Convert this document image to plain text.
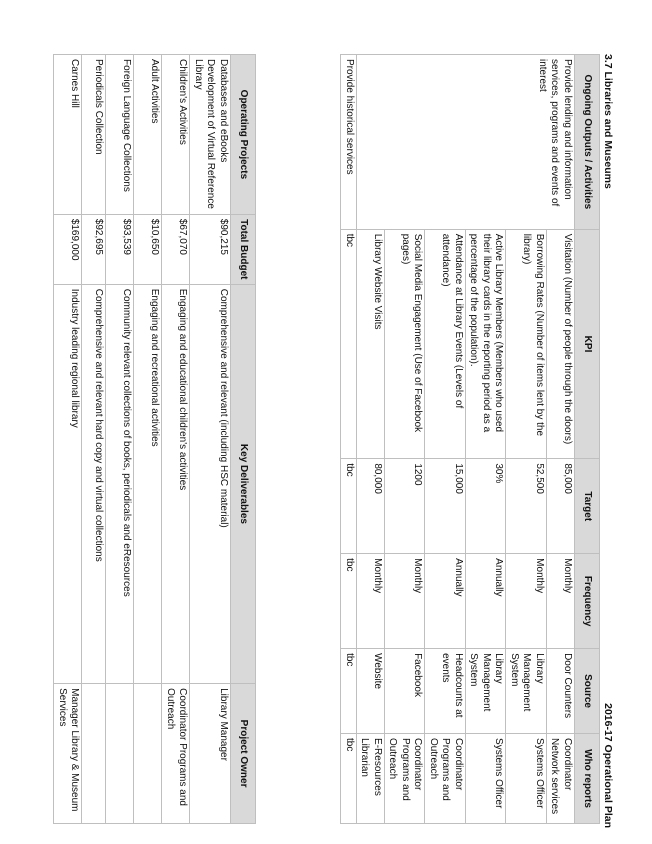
3.7 Libraries and Museums
2016-17 Operational Plan
Ongoing Outputs / Activities	KPI	Target	Frequency	Source	Who reports
Provide lending and information services, programs and events of interest	Visitation (Number of people through the doors)	85,000	Monthly	Door Counters	Coordinator Network services
	Borrowing Rates (Number of items lent by the library)	52,500	Monthly	Library Management System	Systems Officer
	Active Library Members (Members who used their library cards in the reporting period as a percentage of the population).	30%	Annually	Library Management System	Systems Officer
	Attendance at Library Events (Levels of attendance)	15,000	Annually	Headcounts at events	Coordinator Programs and Outreach
	Social Media Engagement (Use of Facebook pages)	1200	Monthly	Facebook	Coordinator Programs and Outreach
	Library Website Visits	80,000	Monthly	Website	E-Resources Librarian
Provide historical services	tbc	tbc	tbc	tbc	tbc
Operating Projects	Total Budget	Key Deliverables	Project Owner
Databases and eBooks Development of Virtual Reference Library	$90,215	Comprehensive and relevant (including HSC material)	Library Manager
Children's Activities	$67,070	Engaging and educational children's activities	Coordinator Programs and Outreach
Adult Activities	$10,650	Engaging and recreational activities	
Foreign Language Collections	$93,539	Community relevant collections of books, periodicals and eResources	
Periodicals Collection	$92,695	Comprehensive and relevant hard copy and virtual collections	
Carnes Hill	$169,000	Industry leading regional library	Manager Library & Museum Services
